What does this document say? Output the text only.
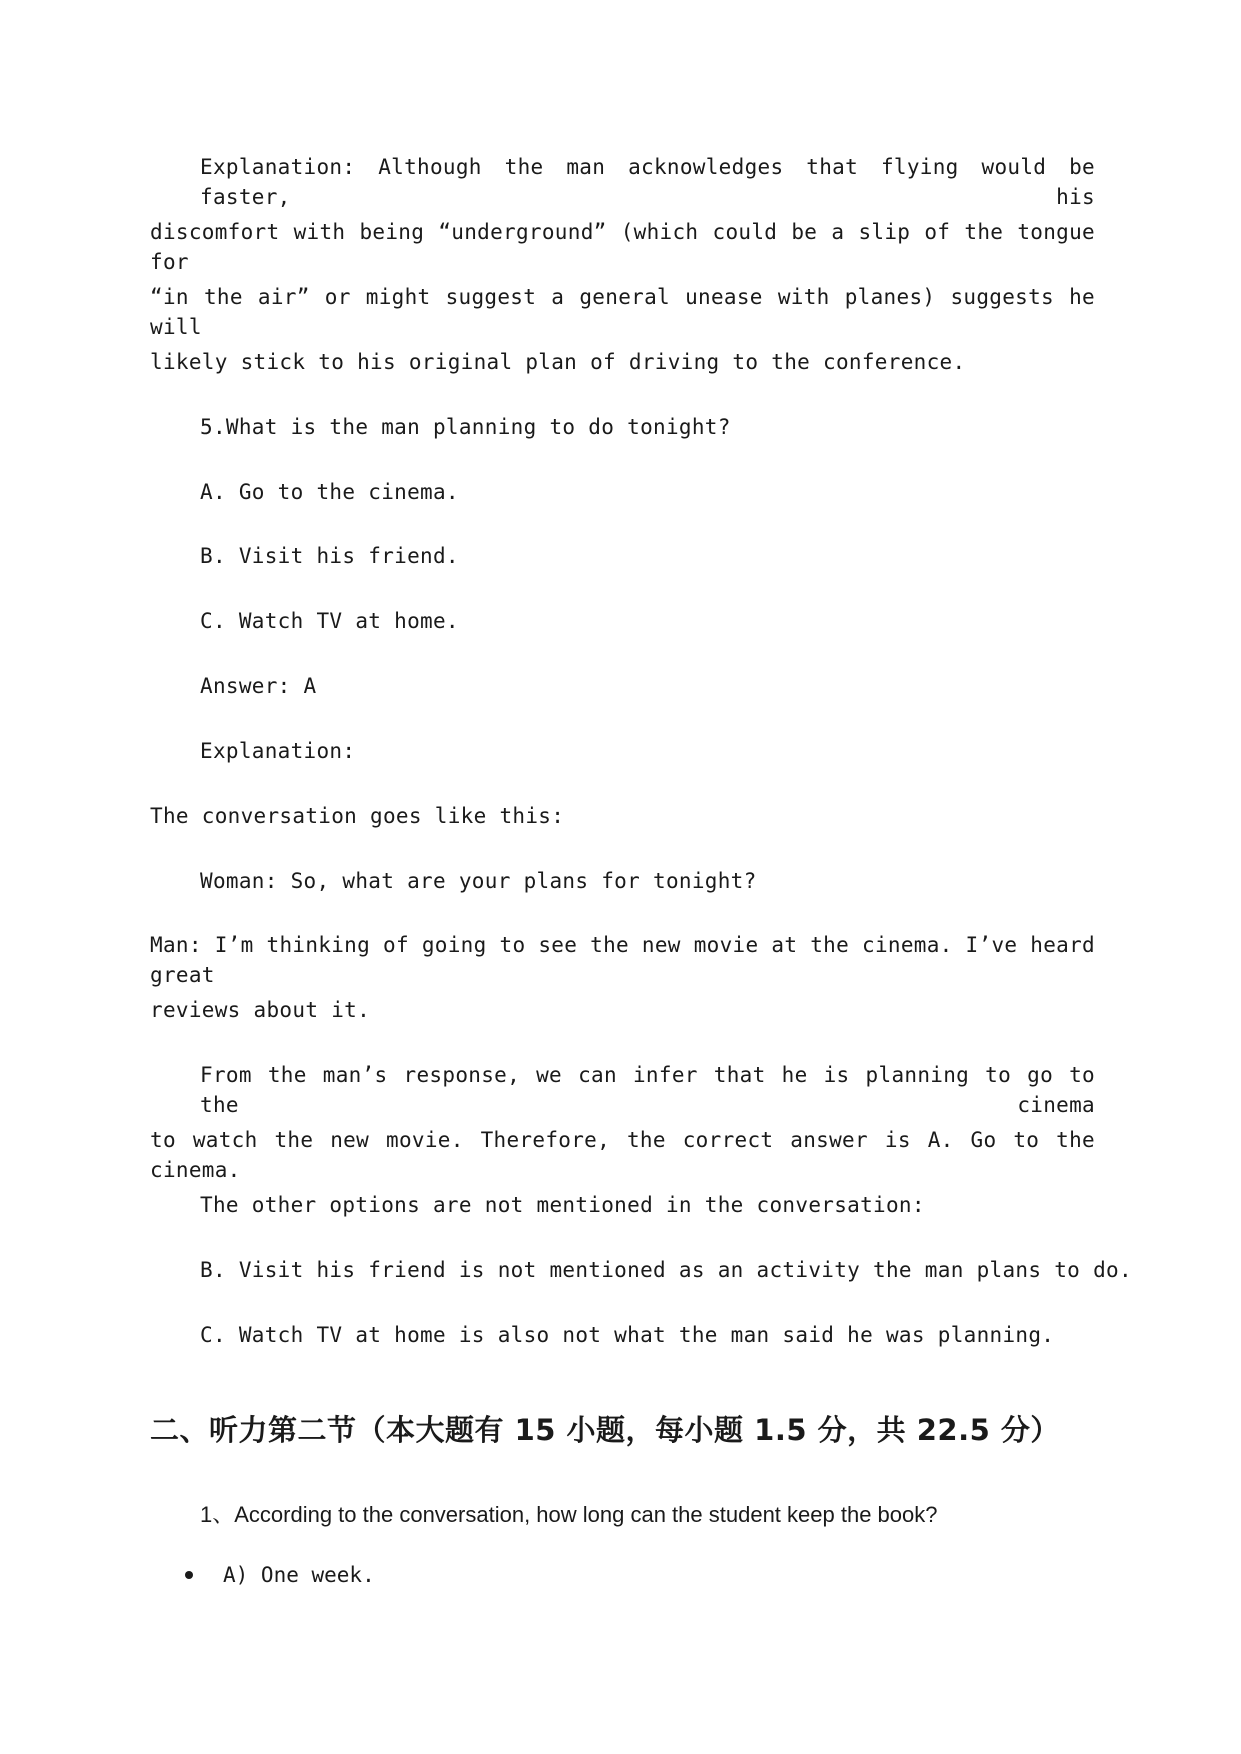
Explanation: Although the man acknowledges that flying would be faster, his
discomfort with being “underground” (which could be a slip of the tongue for
“in the air” or might suggest a general unease with planes) suggests he will
likely stick to his original plan of driving to the conference.
5.What is the man planning to do tonight?
A. Go to the cinema.
B. Visit his friend.
C. Watch TV at home.
Answer: A
Explanation:
The conversation goes like this:
Woman: So, what are your plans for tonight?
Man: I’m thinking of going to see the new movie at the cinema. I’ve heard great
reviews about it.
From the man’s response, we can infer that he is planning to go to the cinema
to watch the new movie. Therefore, the correct answer is A. Go to the cinema.
The other options are not mentioned in the conversation:
B. Visit his friend is not mentioned as an activity the man plans to do.
C. Watch TV at home is also not what the man said he was planning.
二、听力第二节（本大题有 15 小题，每小题 1.5 分，共 22.5 分）
1、According to the conversation, how long can the student keep the book?
A) One week.
